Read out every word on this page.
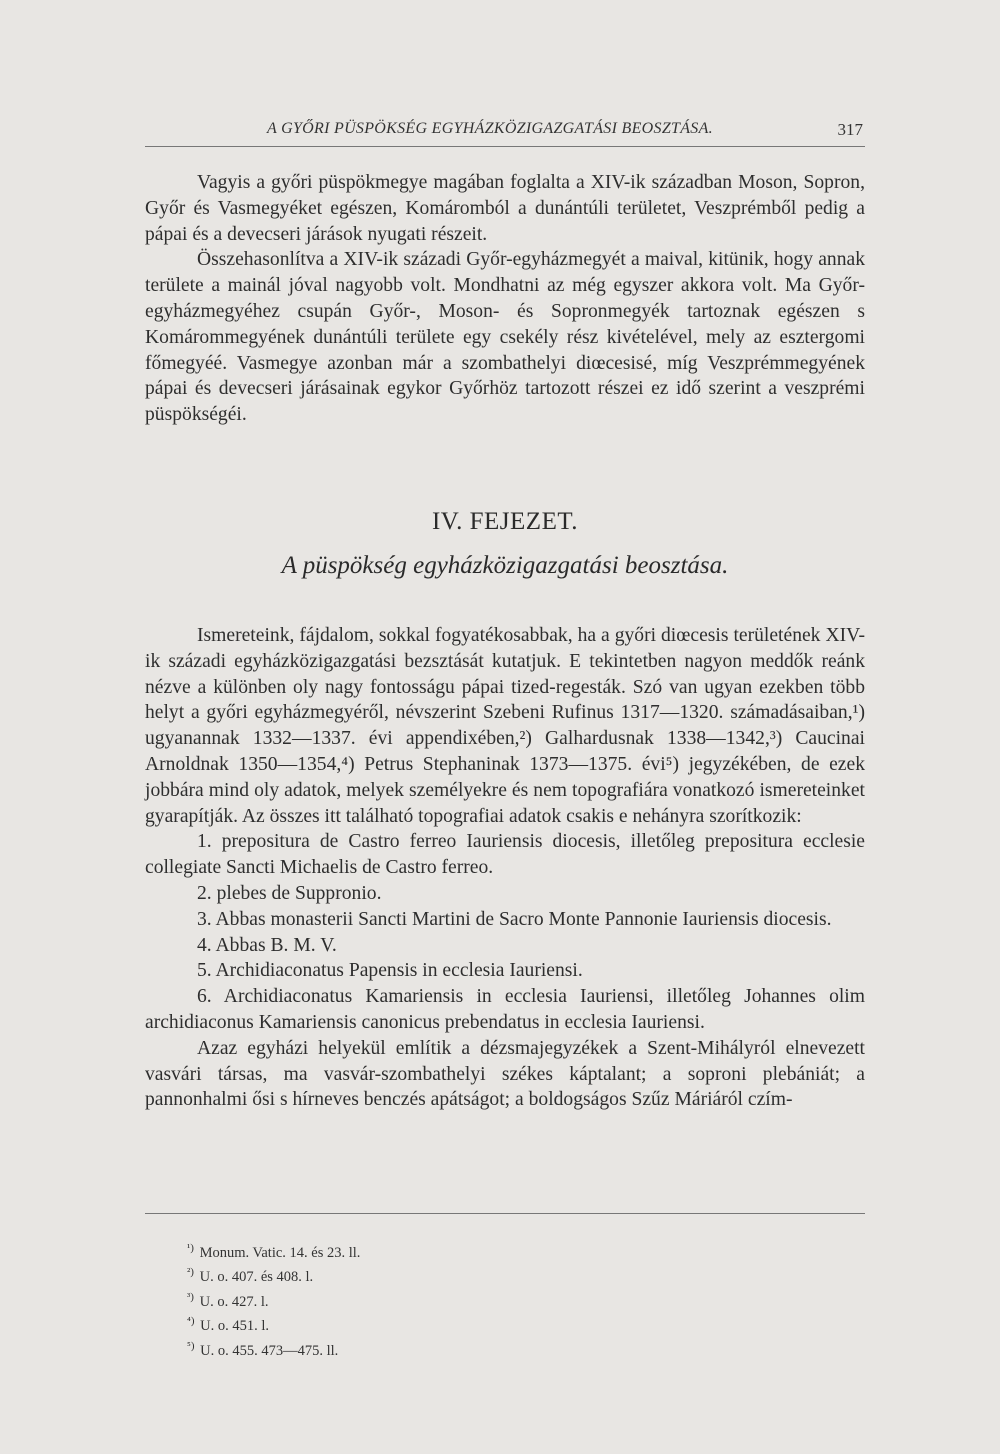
A GYŐRI PÜSPÖKSÉG EGYHÁZKÖZIGAZGATÁSI BEOSZTÁSA.	317

Vagyis a győri püspökmegye magában foglalta a XIV-ik században Moson, Sopron, Győr és Vasmegyéket egészen, Komáromból a dunántúli területet, Veszprémből pedig a pápai és a devecseri járások nyugati részeit.

Összehasonlítva a XIV-ik századi Győr-egyházmegyét a maival, kitünik, hogy annak területe a mainál jóval nagyobb volt. Mondhatni az még egyszer akkora volt. Ma Győr-egyházmegyéhez csupán Győr-, Moson- és Sopronmegyék tartoznak egészen s Komárommegyének dunántúli területe egy csekély rész kivételével, mely az esztergomi főmegyéé. Vasmegye azonban már a szombathelyi diœcesisé, míg Veszprémmegyének pápai és devecseri járásainak egykor Győrhöz tartozott részei ez idő szerint a veszprémi püspökségéi.

IV. FEJEZET.
A püspökség egyházközigazgatási beosztása.

Ismereteink, fájdalom, sokkal fogyatékosabbak, ha a győri diœcesis területének XIV-ik századi egyházközigazgatási bezsztását kutatjuk. E tekintetben nagyon meddők reánk nézve a különben oly nagy fontosságu pápai tized-regesták. Szó van ugyan ezekben több helyt a győri egyházmegyéről, névszerint Szebeni Rufinus 1317—1320. számadásaiban,¹) ugyanannak 1332—1337. évi appendixében,²) Galhardusnak 1338—1342,³) Caucinai Arnoldnak 1350—1354,⁴) Petrus Stephaninak 1373—1375. évi⁵) jegyzékében, de ezek jobbára mind oly adatok, melyek személyekre és nem topografiára vonatkozó ismereteinket gyarapítják. Az összes itt található topografiai adatok csakis e nehányra szorítkozik:

1. prepositura de Castro ferreo Iauriensis diocesis, illetőleg prepositura ecclesie collegiate Sancti Michaelis de Castro ferreo.

2. plebes de Suppronio.

3. Abbas monasterii Sancti Martini de Sacro Monte Pannonie Iauriensis diocesis.

4. Abbas B. M. V.

5. Archidiaconatus Papensis in ecclesia Iauriensi.

6. Archidiaconatus Kamariensis in ecclesia Iauriensi, illetőleg Johannes olim archidiaconus Kamariensis canonicus prebendatus in ecclesia Iauriensi.

Azaz egyházi helyekül említik a dézsmajegyzékek a Szent-Mihályról elnevezett vasvári társas, ma vasvár-szombathelyi székes káptalant; a soproni plebániát; a pannonhalmi ősi s hírneves benczés apátságot; a boldogságos Szűz Máriáról czím-

$^{^1)}$ Monum. Vatic. 14. és 23. ll.
$^{^2)}$ U. o. 407. és 408. l.
$^{^3)}$ U. o. 427. l.
$^{^4)}$ U. o. 451. l.
$^{^5)}$ U. o. 455. 473—475. ll.
